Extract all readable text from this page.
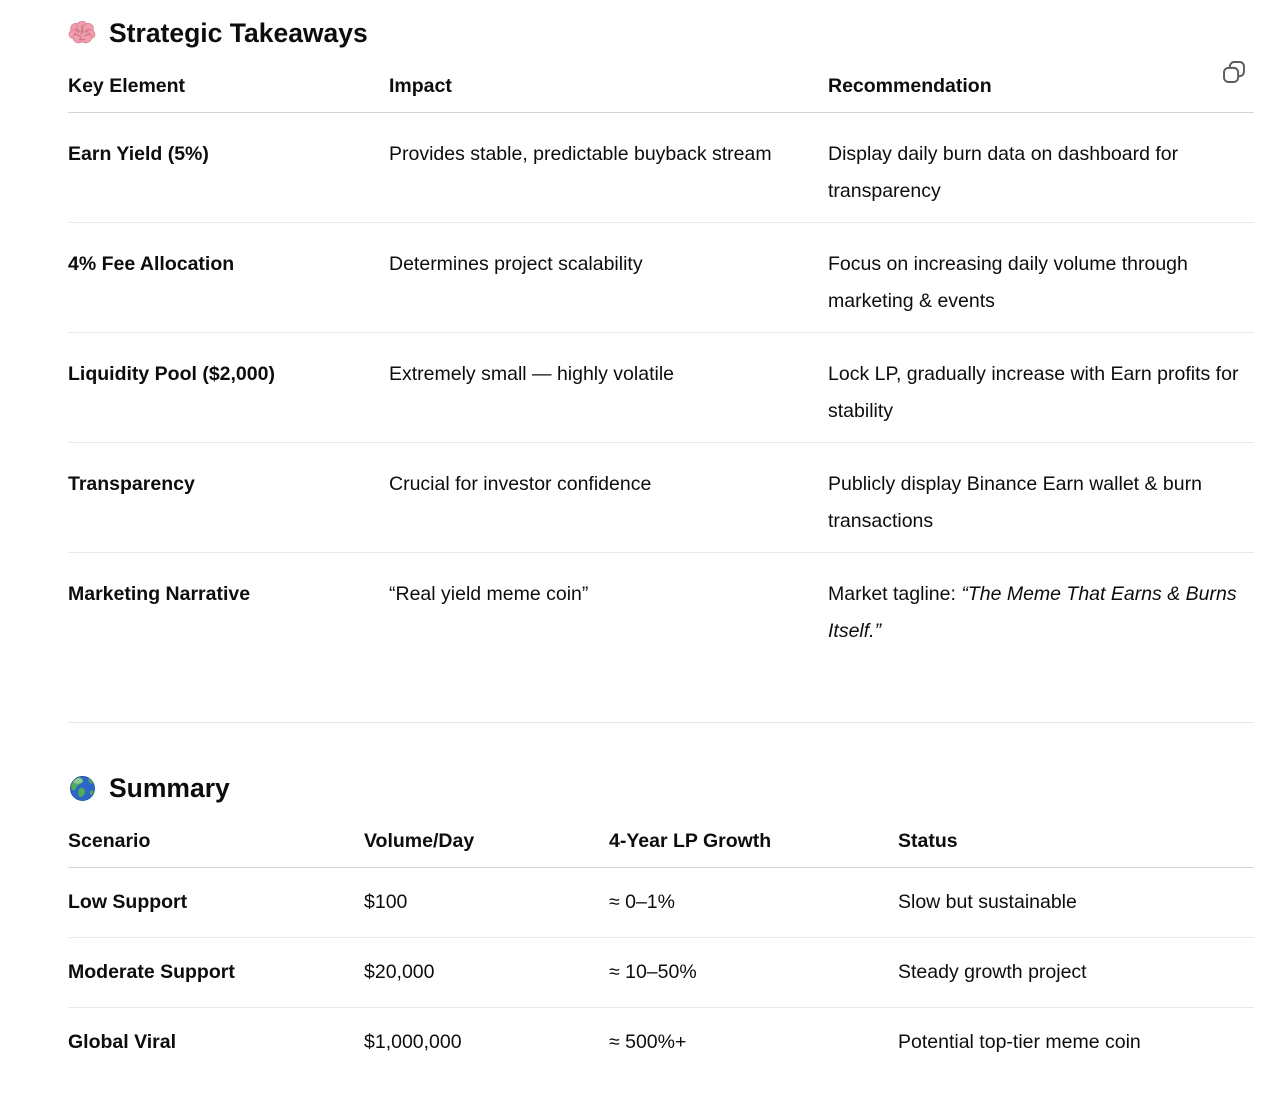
Strategic Takeaways
Key Element	Impact	Recommendation
Earn Yield (5%)	Provides stable, predictable buyback stream	Display daily burn data on dashboard for transparency
4% Fee Allocation	Determines project scalability	Focus on increasing daily volume through marketing & events
Liquidity Pool ($2,000)	Extremely small — highly volatile	Lock LP, gradually increase with Earn profits for stability
Transparency	Crucial for investor confidence	Publicly display Binance Earn wallet & burn transactions
Marketing Narrative	“Real yield meme coin”	Market tagline: “The Meme That Earns & Burns Itself.”
Summary
Scenario	Volume/Day	4-Year LP Growth	Status
Low Support	$100	≈ 0–1%	Slow but sustainable
Moderate Support	$20,000	≈ 10–50%	Steady growth project
Global Viral	$1,000,000	≈ 500%+	Potential top-tier meme coin
